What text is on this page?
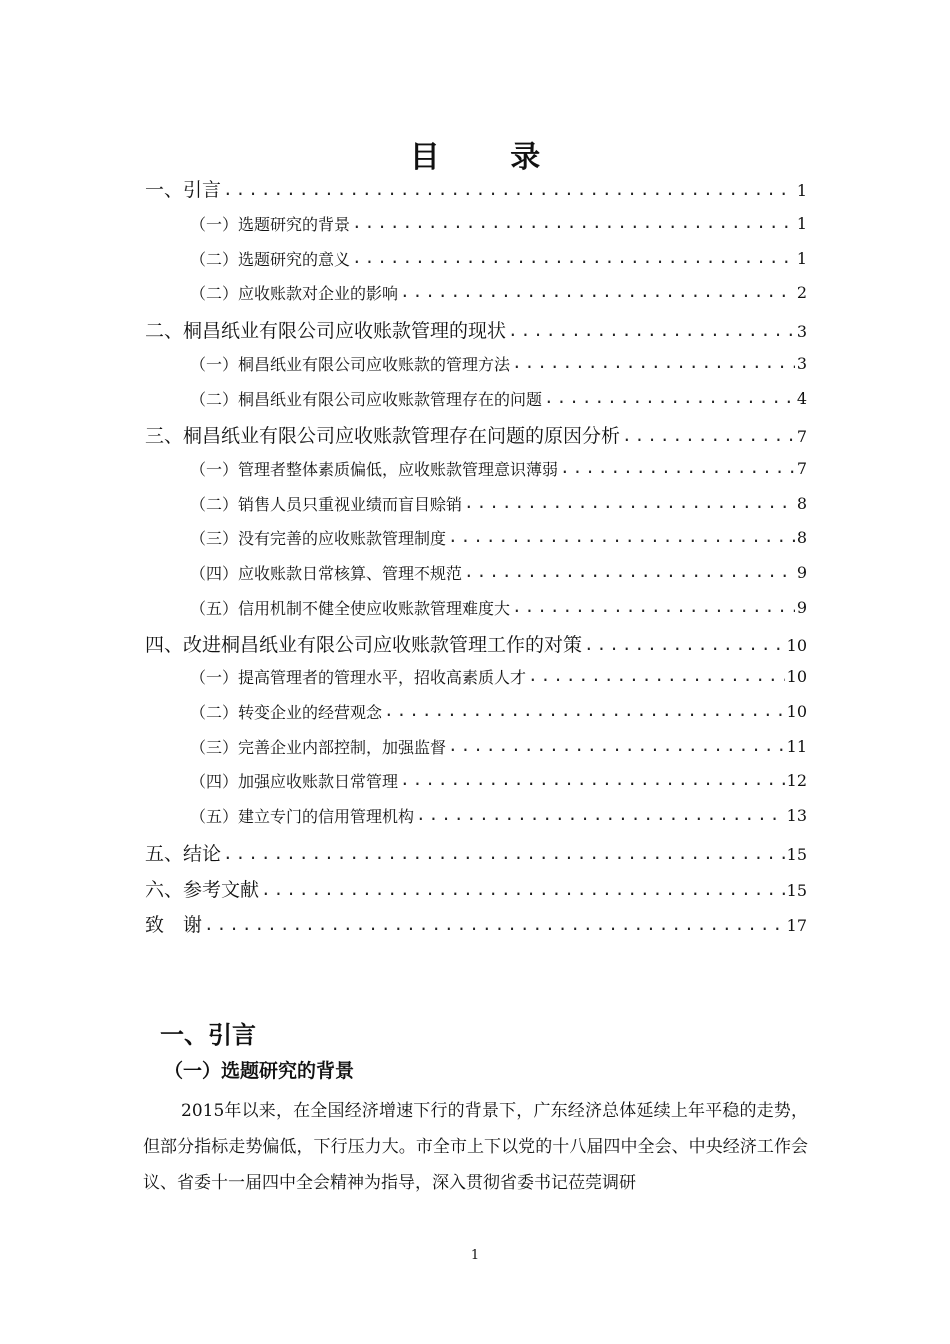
目 录
一、引言 .....	1
（一）选题研究的背景 .....	1
（二）选题研究的意义 .....	1
（二）应收账款对企业的影响 .....	2
二、桐昌纸业有限公司应收账款管理的现状 .....	3
（一）桐昌纸业有限公司应收账款的管理方法 .....	3
（二）桐昌纸业有限公司应收账款管理存在的问题 .....	4
三、桐昌纸业有限公司应收账款管理存在问题的原因分析 .....	7
（一）管理者整体素质偏低，应收账款管理意识薄弱 .....	7
（二）销售人员只重视业绩而盲目赊销 .....	8
（三）没有完善的应收账款管理制度 .....	8
（四）应收账款日常核算、管理不规范 .....	9
（五）信用机制不健全使应收账款管理难度大 .....	9
四、改进桐昌纸业有限公司应收账款管理工作的对策 .....	10
（一）提高管理者的管理水平，招收高素质人才 .....	10
（二）转变企业的经营观念 .....	10
（三）完善企业内部控制，加强监督 .....	11
（四）加强应收账款日常管理 .....	12
（五）建立专门的信用管理机构 .....	13
五、结论 .....	15
六、参考文献 .....	15
致　谢 .....	17
一、引言
（一）选题研究的背景
2015年以来，在全国经济增速下行的背景下，广东经济总体延续上年平稳的走势，但部分指标走势偏低，下行压力大。市全市上下以党的十八届四中全会、中央经济工作会议、省委十一届四中全会精神为指导，深入贯彻省委书记莅莞调研
1
